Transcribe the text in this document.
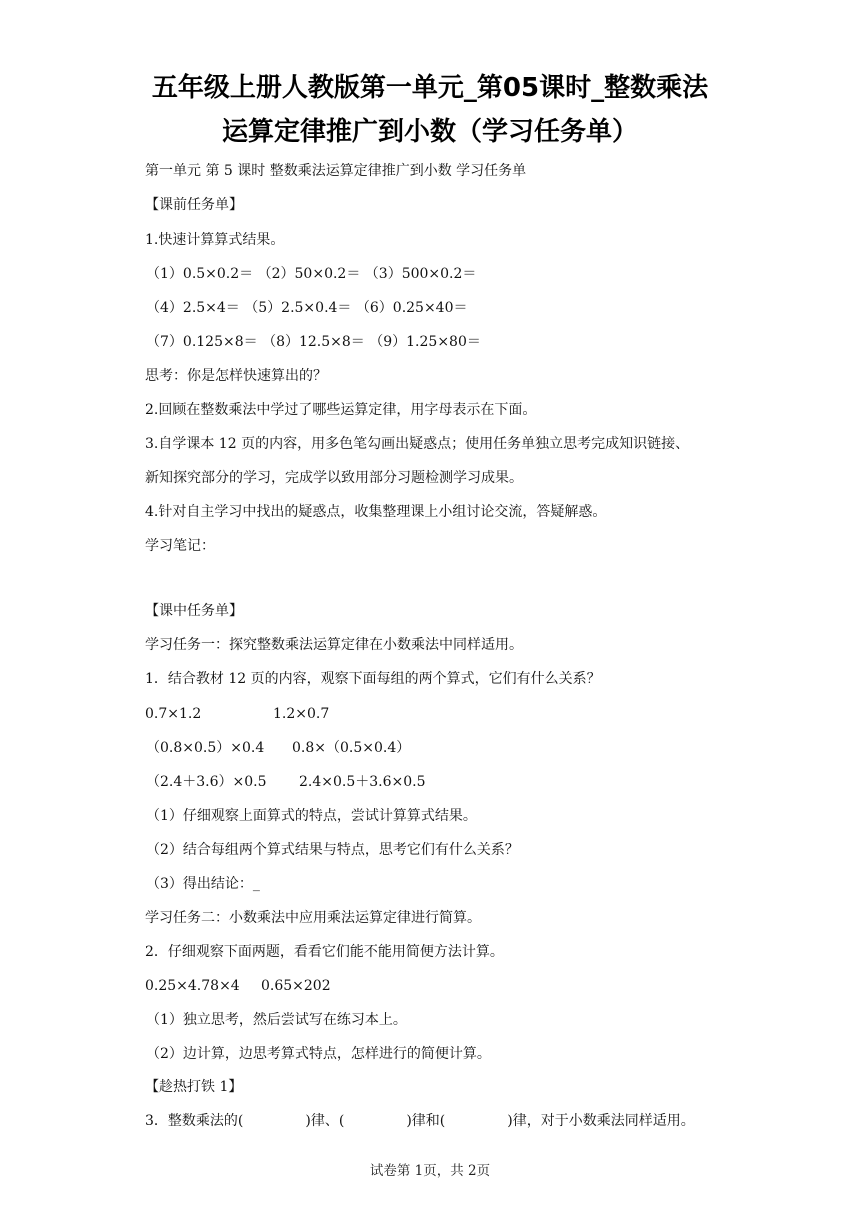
五年级上册人教版第一单元_第05课时_整数乘法
运算定律推广到小数（学习任务单）
第一单元 第 5 课时 整数乘法运算定律推广到小数 学习任务单
【课前任务单】
1.快速计算算式结果。
（1）0.5×0.2＝ （2）50×0.2＝ （3）500×0.2＝
（4）2.5×4＝ （5）2.5×0.4＝ （6）0.25×40＝
（7）0.125×8＝ （8）12.5×8＝ （9）1.25×80＝
思考：你是怎样快速算出的？
2.回顾在整数乘法中学过了哪些运算定律，用字母表示在下面。
3.自学课本 12 页的内容，用多色笔勾画出疑惑点；使用任务单独立思考完成知识链接、
新知探究部分的学习，完成学以致用部分习题检测学习成果。
4.针对自主学习中找出的疑惑点，收集整理课上小组讨论交流，答疑解惑。
学习笔记：
【课中任务单】
学习任务一：探究整数乘法运算定律在小数乘法中同样适用。
1．结合教材 12 页的内容，观察下面每组的两个算式，它们有什么关系？
0.7×1.2	1.2×0.7
（0.8×0.5）×0.4 0.8×（0.5×0.4）
（2.4＋3.6）×0.5 2.4×0.5＋3.6×0.5
（1）仔细观察上面算式的特点，尝试计算算式结果。
（2）结合每组两个算式结果与特点，思考它们有什么关系？
（3）得出结论：_
学习任务二：小数乘法中应用乘法运算定律进行简算。
2．仔细观察下面两题，看看它们能不能用简便方法计算。
0.25×4.78×4 0.65×202
（1）独立思考，然后尝试写在练习本上。
（2）边计算，边思考算式特点，怎样进行的简便计算。
【趁热打铁 1】
3．整数乘法的(	)律、(	)律和(	)律，对于小数乘法同样适用。
试卷第 1页，共 2页
